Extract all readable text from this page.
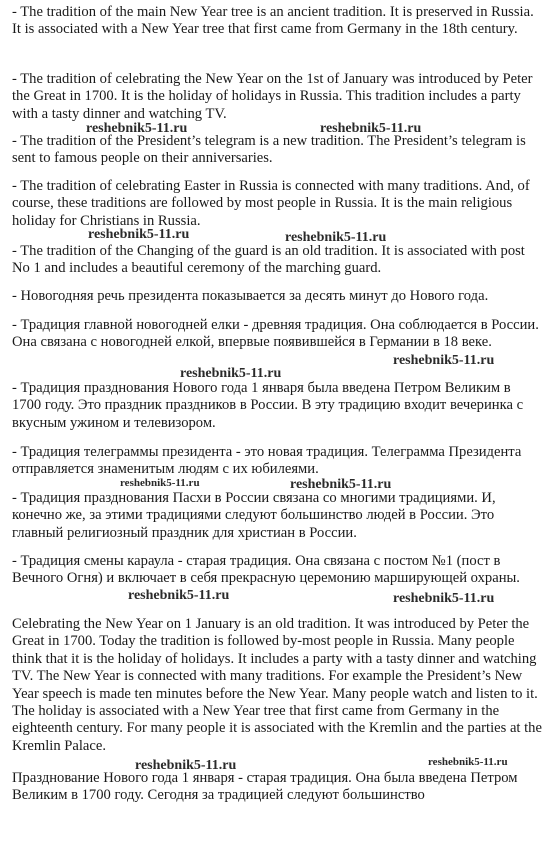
- The tradition of the main New Year tree is an ancient tradition. It is preserved in Russia. It is associated with a New Year tree that first came from Germany in the 18th century.

- The tradition of celebrating the New Year on the 1st of January was introduced by Peter the Great in 1700. It is the holiday of holidays in Russia. This tradition includes a party with a tasty dinner and watching TV.

- The tradition of the President’s telegram is a new tradition. The President’s telegram is sent to famous people on their anniversaries.

- The tradition of celebrating Easter in Russia is connected with many traditions. And, of course, these traditions are followed by most people in Russia. It is the main religious holiday for Christians in Russia.

- The tradition of the Changing of the guard is an old tradition. It is associated with post No 1 and includes a beautiful ceremony of the marching guard.

- Новогодняя речь президента показывается за десять минут до Нового года.

- Традиция главной новогодней елки - древняя традиция. Она соблюдается в России. Она связана с новогодней елкой, впервые появившейся в Германии в 18 веке.

- Традиция празднования Нового года 1 января была введена Петром Великим в 1700 году. Это праздник праздников в России. В эту традицию входит вечеринка с вкусным ужином и телевизором.

- Традиция телеграммы президента - это новая традиция. Телеграмма Президента отправляется знаменитым людям с их юбилеями.

- Традиция празднования Пасхи в России связана со многими традициями. И, конечно же, за этими традициями следуют большинство людей в России. Это главный религиозный праздник для христиан в России.

- Традиция смены караула - старая традиция. Она связана с постом №1 (пост в Вечного Огня) и включает в себя прекрасную церемонию марширующей охраны.

Celebrating the New Year on 1 January is an old tradition. It was introduced by Peter the Great in 1700. Today the tradition is followed by-most people in Russia. Many people think that it is the holiday of holidays. It includes a party with a tasty dinner and watching TV. The New Year is connected with many traditions. For example the President’s New Year speech is made ten minutes before the New Year. Many people watch and listen to it. The holiday is associated with a New Year tree that first came from Germany in the eighteenth century. For many people it is associated with the Kremlin and the parties at the Kremlin Palace.

Празднование Нового года 1 января - старая традиция. Она была введена Петром Великим в 1700 году. Сегодня за традицией следуют большинство

reshebnik5-11.ru	reshebnik5-11.ru
reshebnik5-11.ru	reshebnik5-11.ru
reshebnik5-11.ru
reshebnik5-11.ru
reshebnik5-11.ru	reshebnik5-11.ru
reshebnik5-11.ru	reshebnik5-11.ru
reshebnik5-11.ru
reshebnik5-11.ru
